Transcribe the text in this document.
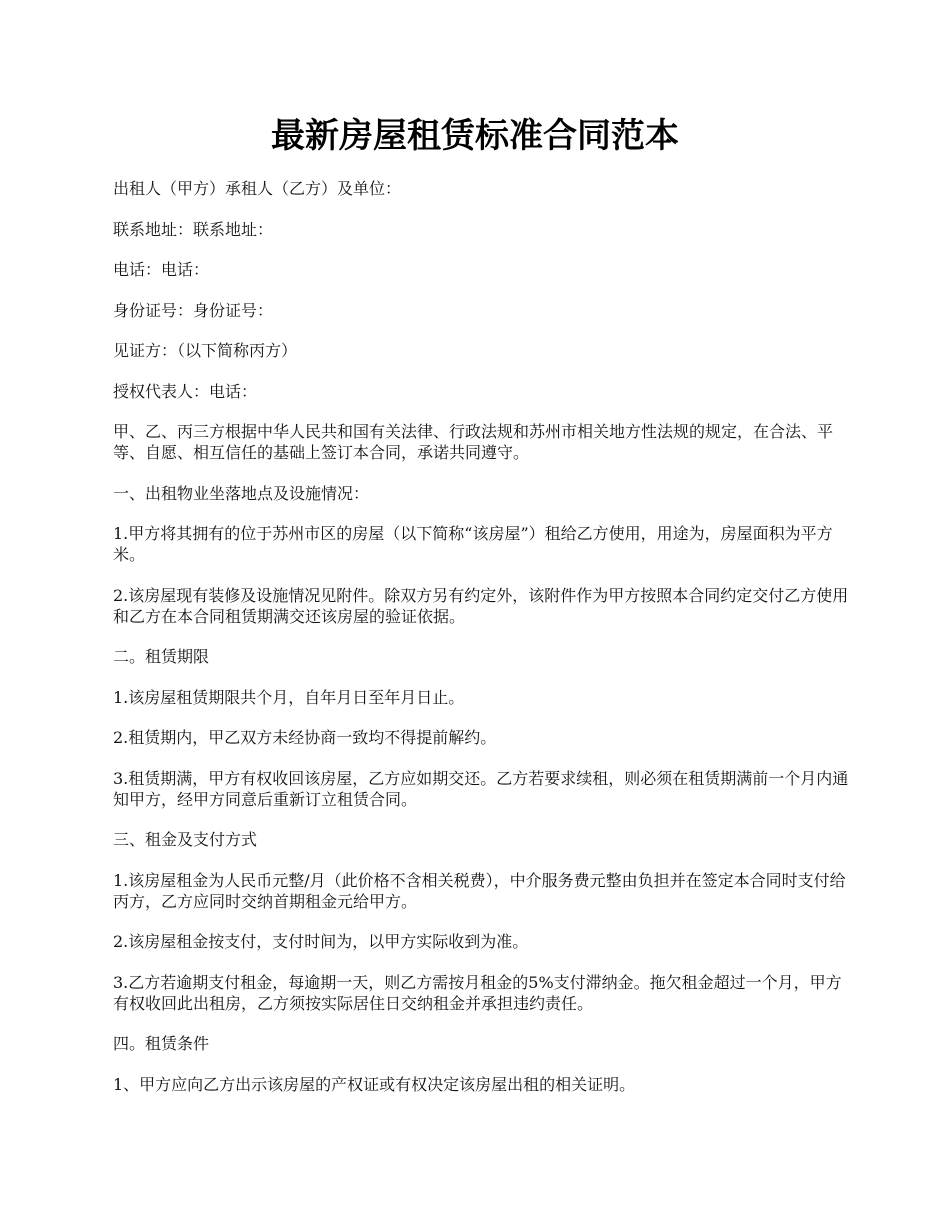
最新房屋租赁标准合同范本

出租人（甲方）承租人（乙方）及单位：

联系地址：联系地址：

电话：电话：

身份证号：身份证号：

见证方：（以下简称丙方）

授权代表人：电话：

甲、乙、丙三方根据中华人民共和国有关法律、行政法规和苏州市相关地方性法规的规定，在合法、平等、自愿、相互信任的基础上签订本合同，承诺共同遵守。

一、出租物业坐落地点及设施情况：

1.甲方将其拥有的位于苏州市区的房屋（以下简称“该房屋”）租给乙方使用，用途为，房屋面积为平方米。

2.该房屋现有装修及设施情况见附件。除双方另有约定外，该附件作为甲方按照本合同约定交付乙方使用和乙方在本合同租赁期满交还该房屋的验证依据。

二。租赁期限

1.该房屋租赁期限共个月，自年月日至年月日止。

2.租赁期内，甲乙双方未经协商一致均不得提前解约。

3.租赁期满，甲方有权收回该房屋，乙方应如期交还。乙方若要求续租，则必须在租赁期满前一个月内通知甲方，经甲方同意后重新订立租赁合同。

三、租金及支付方式

1.该房屋租金为人民币元整/月（此价格不含相关税费），中介服务费元整由负担并在签定本合同时支付给丙方，乙方应同时交纳首期租金元给甲方。

2.该房屋租金按支付，支付时间为，以甲方实际收到为准。

3.乙方若逾期支付租金，每逾期一天，则乙方需按月租金的5%支付滞纳金。拖欠租金超过一个月，甲方有权收回此出租房，乙方须按实际居住日交纳租金并承担违约责任。

四。租赁条件

1、甲方应向乙方出示该房屋的产权证或有权决定该房屋出租的相关证明。
